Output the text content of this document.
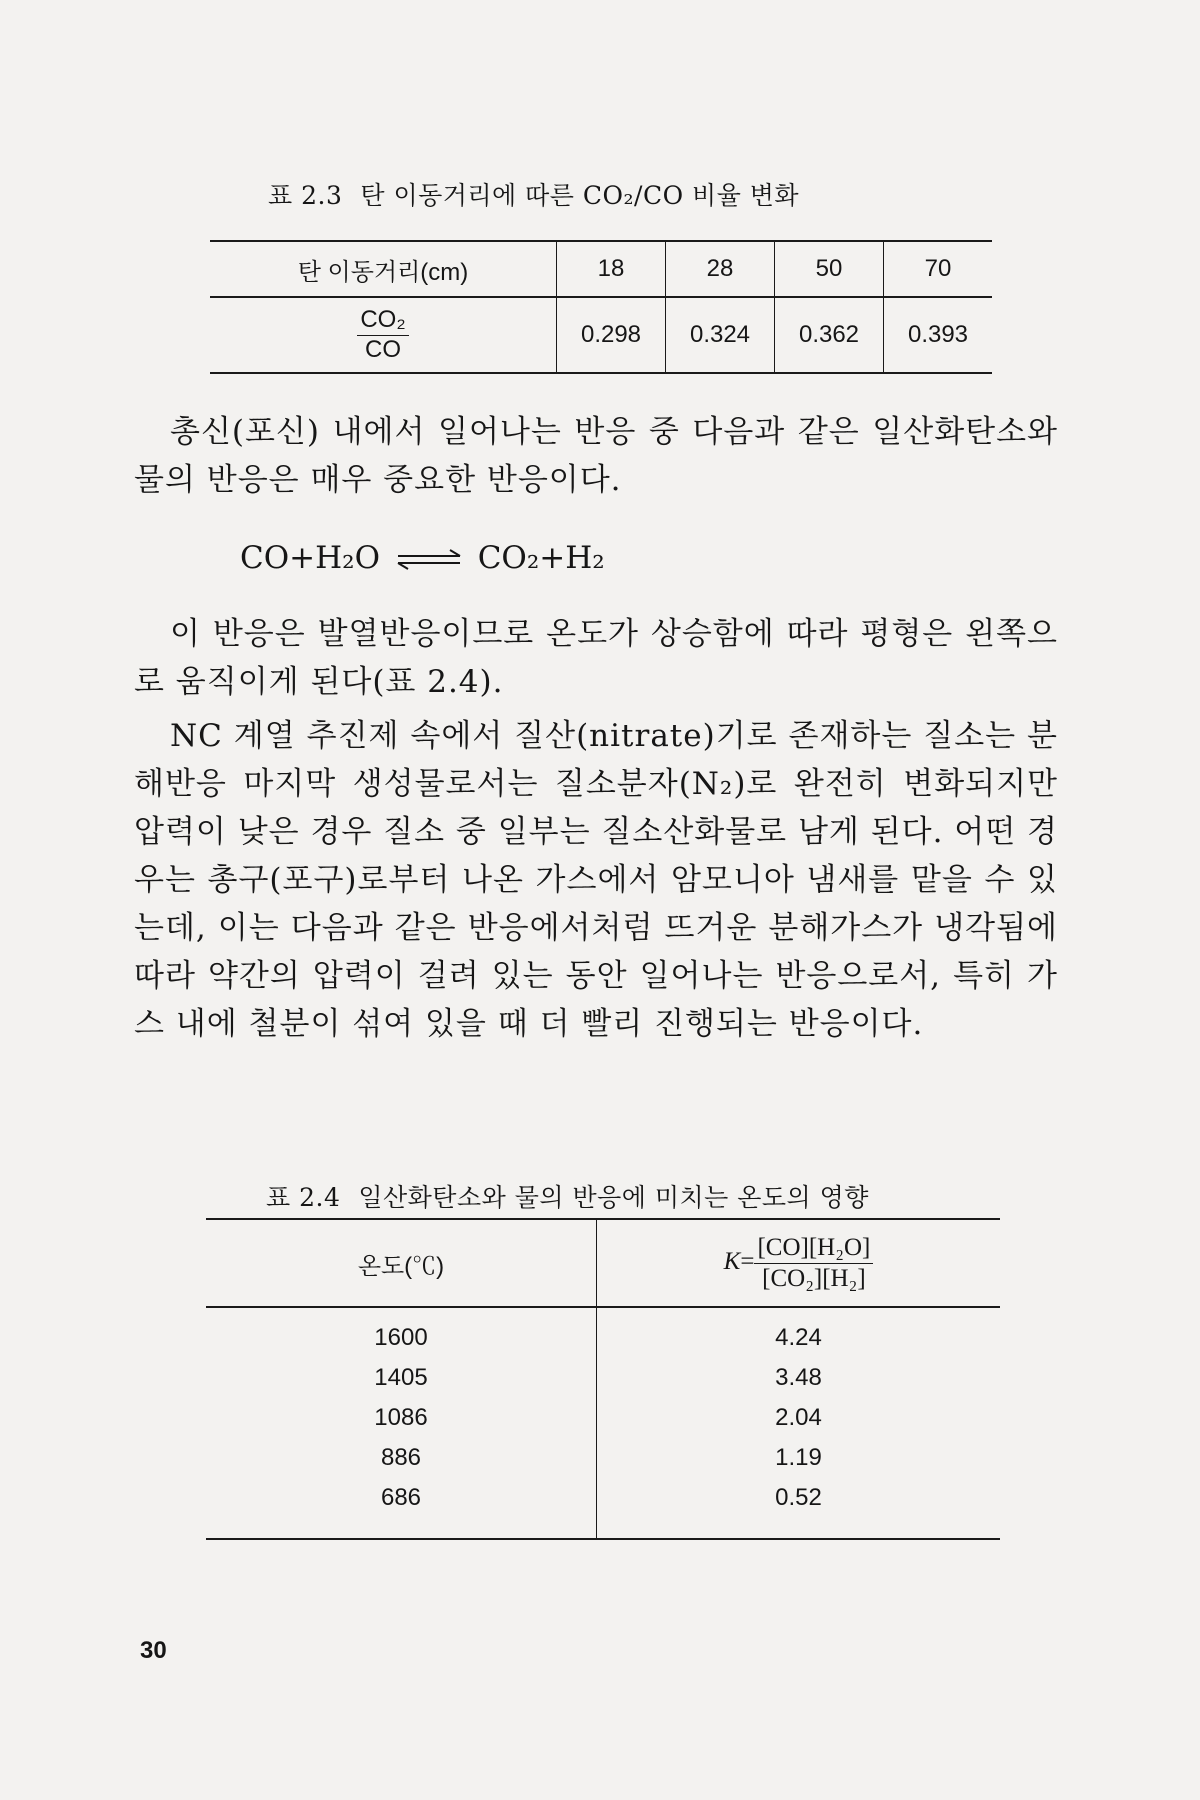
표 2.3 탄 이동거리에 따른 CO₂/CO 비율 변화
탄 이동거리(cm)	18	28	50	70

$\frac{\text{CO₂}}{CO}$	0.298	0.324	0.362	0.393
총신(포신) 내에서 일어나는 반응 중 다음과 같은 일산화탄소와 물의 반응은 매우 중요한 반응이다.
CO+H₂O ⇌ CO₂+H₂
이 반응은 발열반응이므로 온도가 상승함에 따라 평형은 왼쪽으로 움직이게 된다(표 2.4).
NC 계열 추진제 속에서 질산(nitrate)기로 존재하는 질소는 분해반응 마지막 생성물로서는 질소분자(N₂)로 완전히 변화되지만 압력이 낮은 경우 질소 중 일부는 질소산화물로 남게 된다. 어떤 경우는 총구(포구)로부터 나온 가스에서 암모니아 냄새를 맡을 수 있는데, 이는 다음과 같은 반응에서처럼 뜨거운 분해가스가 냉각됨에 따라 약간의 압력이 걸려 있는 동안 일어나는 반응으로서, 특히 가스 내에 철분이 섞여 있을 때 더 빨리 진행되는 반응이다.
표 2.4 일산화탄소와 물의 반응에 미치는 온도의 영향
온도(℃)	$K= \frac{\text{[CO][H₂O]}}{\text{[CO₂][H₂]}}$

1600	4.24
1405	3.48
1086	2.04
886	1.19
686	0.52
30
